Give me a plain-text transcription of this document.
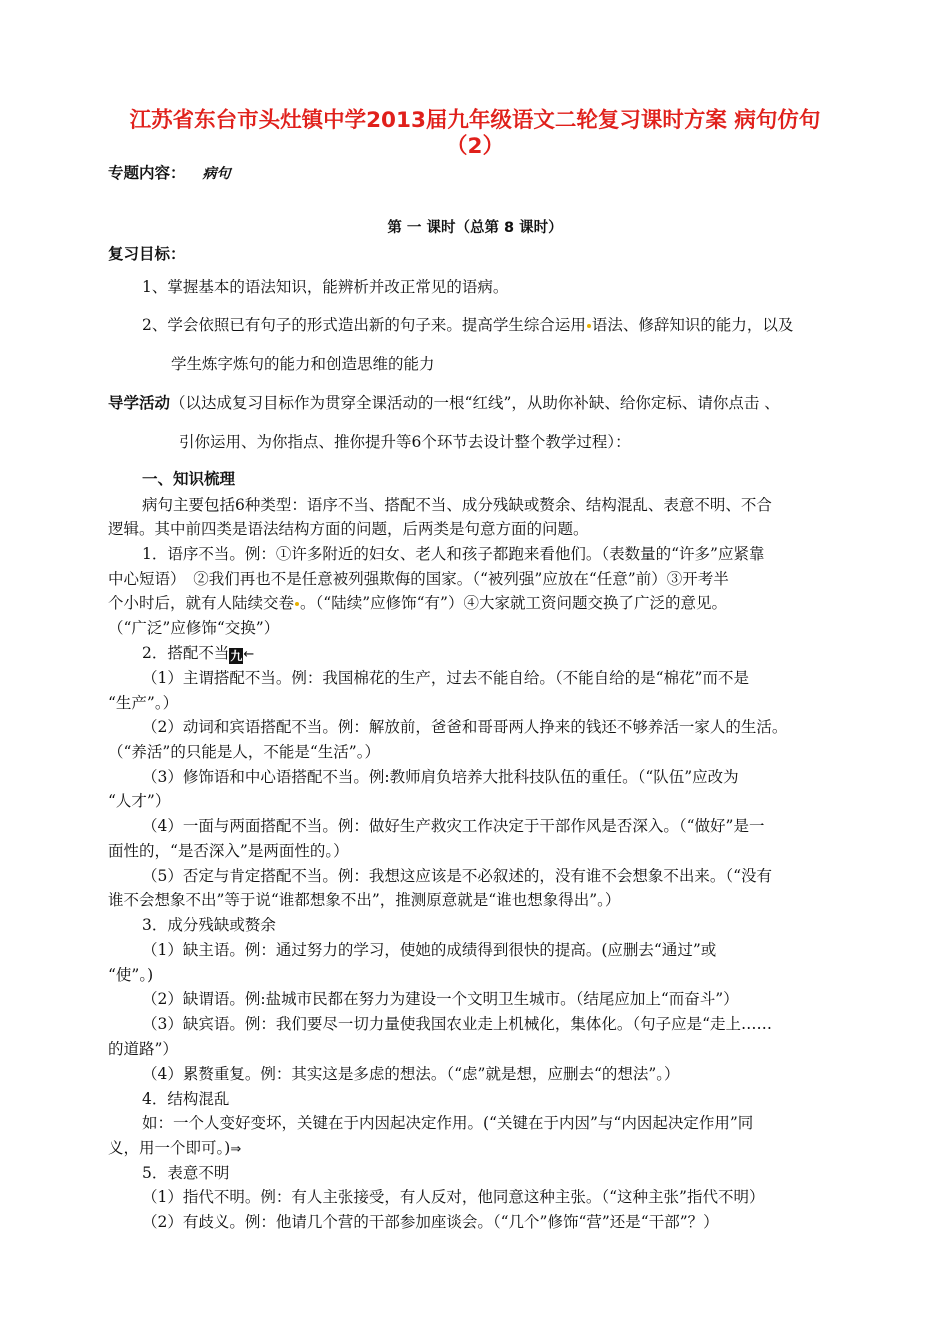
江苏省东台市头灶镇中学2013届九年级语文二轮复习课时方案 病句仿句
（2）
专题内容： 病句
第 一 课时（总第 8 课时）
复习目标：
1、掌握基本的语法知识，能辨析并改正常见的语病。
2、学会依照已有句子的形式造出新的句子来。提高学生综合运用 语法、修辞知识的能力，以及
学生炼字炼句的能力和创造思维的能力
导学活动（以达成复习目标作为贯穿全课活动的一根“红线”，从助你补缺、给你定标、请你点击 、
引你运用、为你指点、推你提升等6个环节去设计整个教学过程）：
一、知识梳理
病句主要包括6种类型：语序不当、搭配不当、成分残缺或赘余、结构混乱、表意不明、不合
逻辑。其中前四类是语法结构方面的问题，后两类是句意方面的问题。
1．语序不当。例：①许多附近的妇女、老人和孩子都跑来看他们。（表数量的“许多”应紧靠
中心短语）　②我们再也不是任意被列强欺侮的国家。（“被列强”应放在“任意”前）③开考半
个小时后，就有人陆续交卷 。（“陆续”应修饰“有”）④大家就工资问题交换了广泛的意见。
（“广泛”应修饰“交换”）
2．搭配不当九←
（1）主谓搭配不当。例：我国棉花的生产，过去不能自给。（不能自给的是“棉花”而不是
“生产”。）
（2）动词和宾语搭配不当。例：解放前，爸爸和哥哥两人挣来的钱还不够养活一家人的生活。
（“养活”的只能是人，不能是“生活”。）
（3）修饰语和中心语搭配不当。例:教师肩负培养大批科技队伍的重任。（“队伍”应改为
“人才”）
（4）一面与两面搭配不当。例：做好生产救灾工作决定于干部作风是否深入。（“做好”是一
面性的，“是否深入”是两面性的。）
（5）否定与肯定搭配不当。例：我想这应该是不必叙述的，没有谁不会想象不出来。（“没有
谁不会想象不出”等于说“谁都想象不出”，推测原意就是“谁也想象得出”。）
3．成分残缺或赘余
（1）缺主语。例：通过努力的学习，使她的成绩得到很快的提高。(应删去“通过”或
“使”。)
（2）缺谓语。例:盐城市民都在努力为建设一个文明卫生城市。（结尾应加上“而奋斗”）
（3）缺宾语。例：我们要尽一切力量使我国农业走上机械化，集体化。（句子应是“走上……
的道路”）
（4）累赘重复。例：其实这是多虑的想法。（“虑”就是想，应删去“的想法”。）
4．结构混乱
如：一个人变好变坏，关键在于内因起决定作用。(“关键在于内因”与“内因起决定作用”同
义，用一个即可。)⇒
5．表意不明
（1）指代不明。例：有人主张接受，有人反对，他同意这种主张。（“这种主张”指代不明）
（2）有歧义。例：他请几个营的干部参加座谈会。（“几个”修饰“营”还是“干部”？）
